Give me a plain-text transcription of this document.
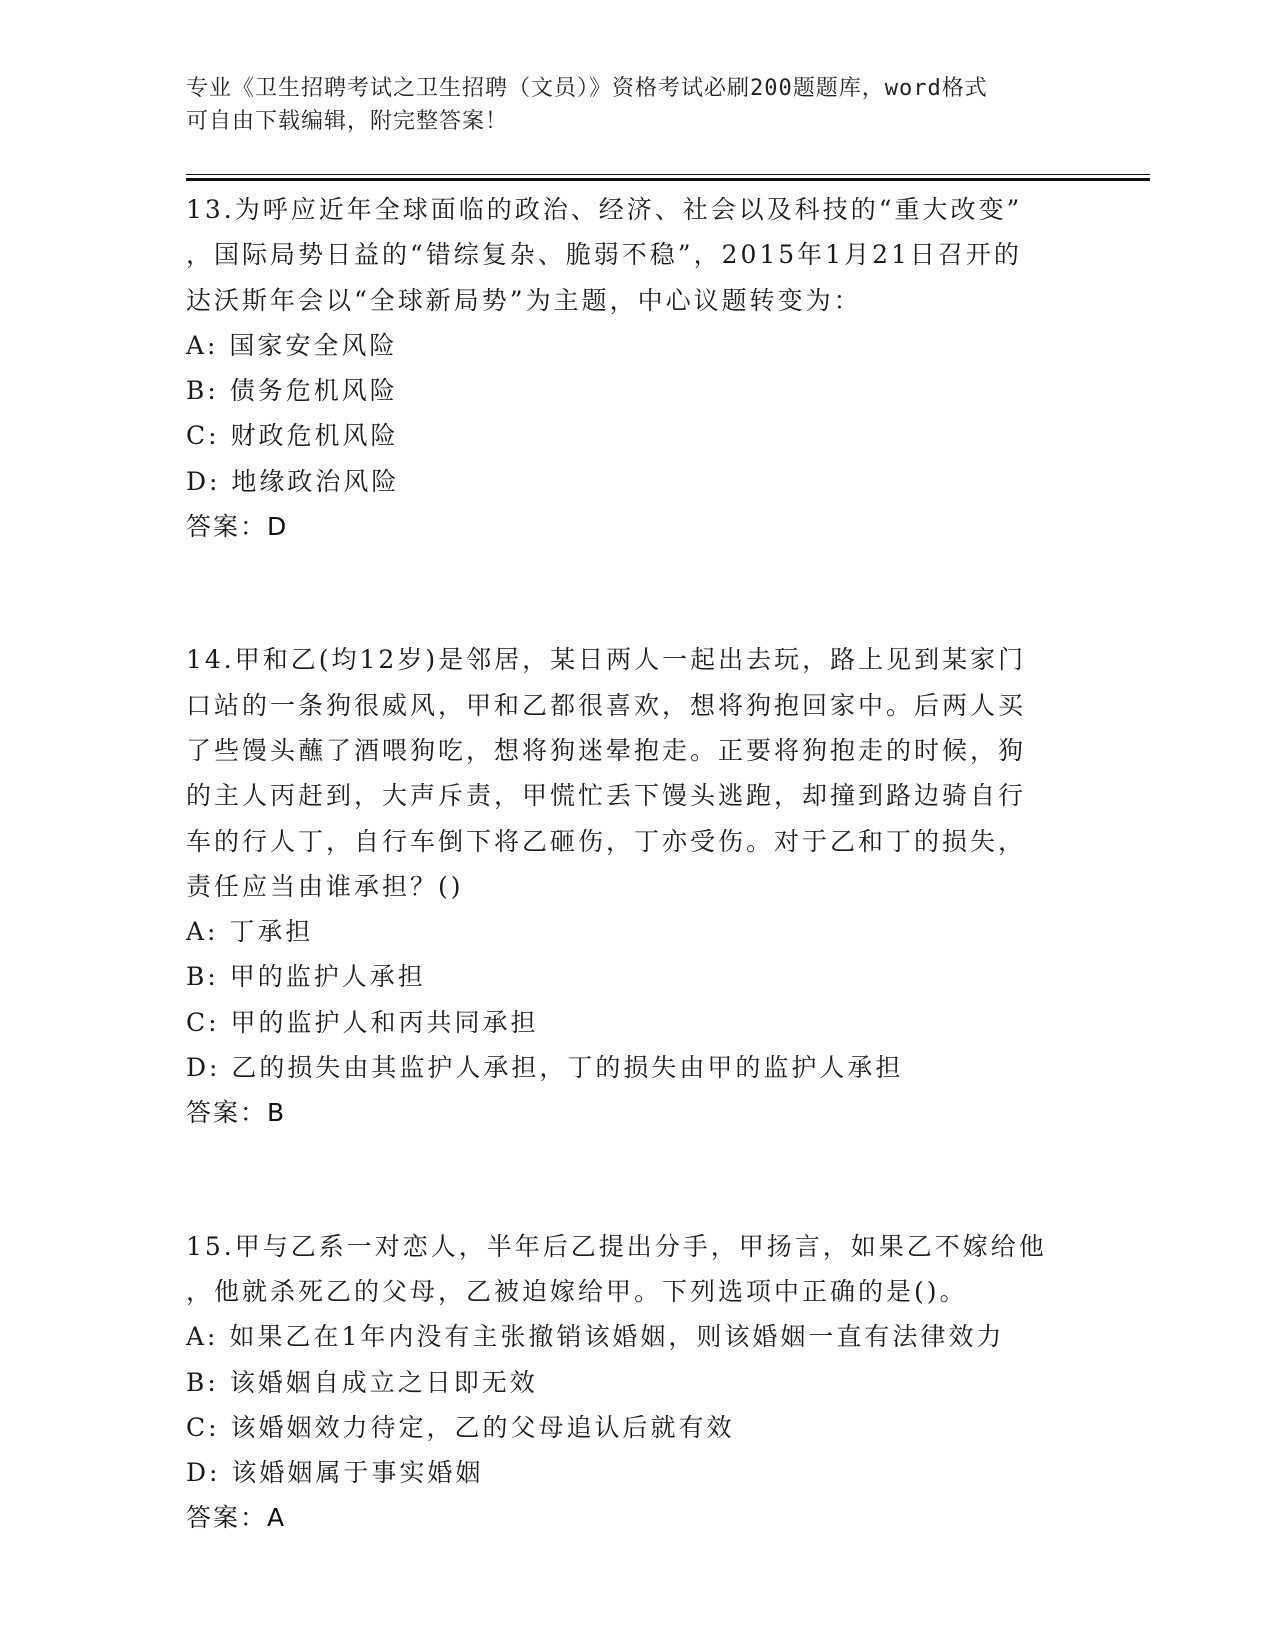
专业《卫生招聘考试之卫生招聘（文员）》资格考试必刷200题题库，word格式
可自由下载编辑，附完整答案！
13.为呼应近年全球面临的政治、经济、社会以及科技的“重大改变”
，国际局势日益的“错综复杂、脆弱不稳”，2015年1月21日召开的
达沃斯年会以“全球新局势”为主题，中心议题转变为：
A: 国家安全风险
B: 债务危机风险
C: 财政危机风险
D: 地缘政治风险
答案：D
14.甲和乙(均12岁)是邻居，某日两人一起出去玩，路上见到某家门
口站的一条狗很威风，甲和乙都很喜欢，想将狗抱回家中。后两人买
了些馒头蘸了酒喂狗吃，想将狗迷晕抱走。正要将狗抱走的时候，狗
的主人丙赶到，大声斥责，甲慌忙丢下馒头逃跑，却撞到路边骑自行
车的行人丁，自行车倒下将乙砸伤，丁亦受伤。对于乙和丁的损失，
责任应当由谁承担？()
A: 丁承担
B: 甲的监护人承担
C: 甲的监护人和丙共同承担
D: 乙的损失由其监护人承担，丁的损失由甲的监护人承担
答案：B
15.甲与乙系一对恋人，半年后乙提出分手，甲扬言，如果乙不嫁给他
，他就杀死乙的父母，乙被迫嫁给甲。下列选项中正确的是()。
A: 如果乙在1年内没有主张撤销该婚姻，则该婚姻一直有法律效力
B: 该婚姻自成立之日即无效
C: 该婚姻效力待定，乙的父母追认后就有效
D: 该婚姻属于事实婚姻
答案：A
